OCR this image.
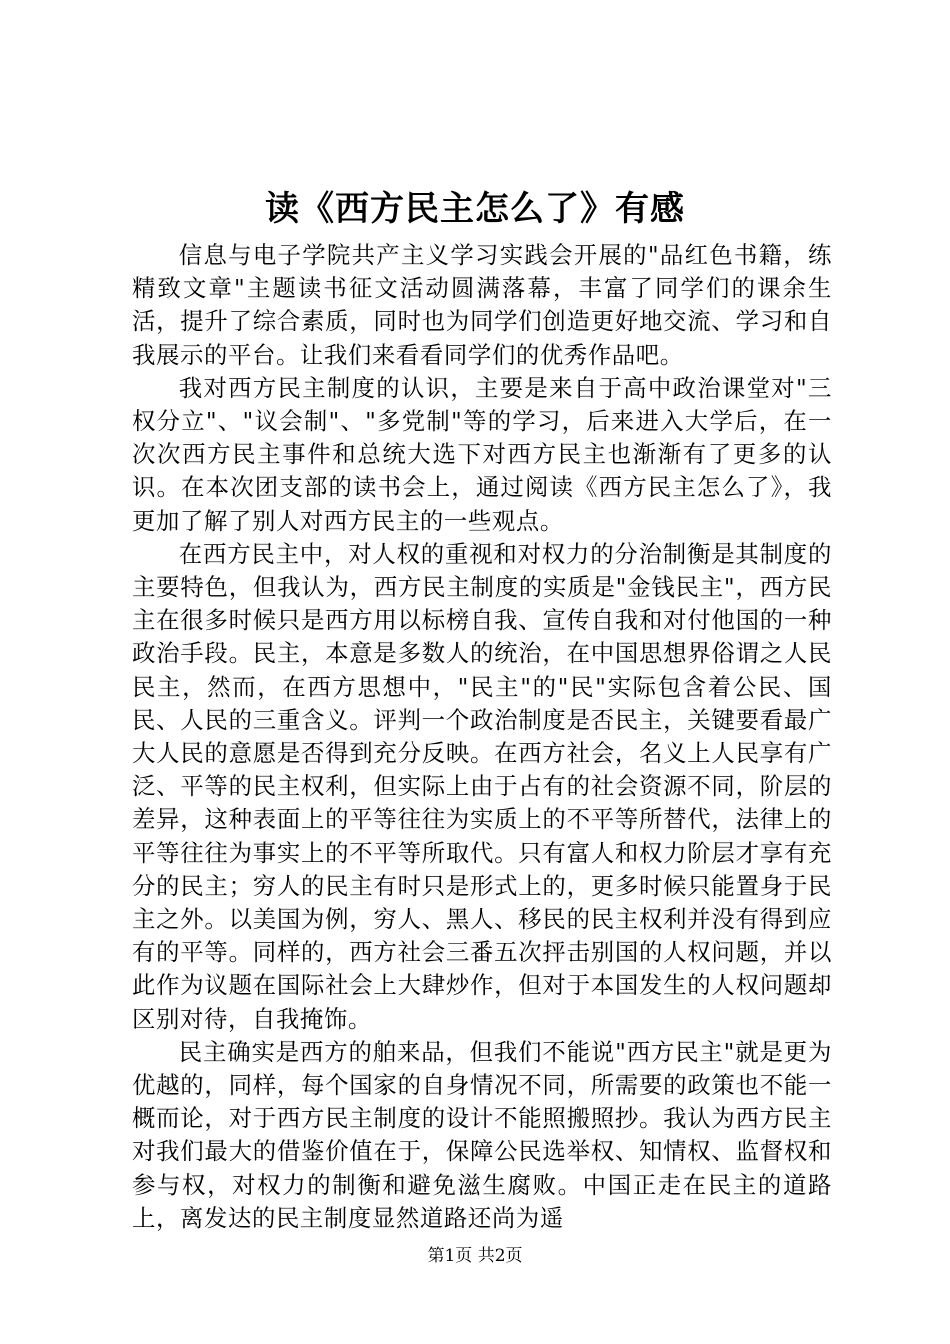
读《西方民主怎么了》有感

信息与电子学院共产主义学习实践会开展的"品红色书籍，练精致文章"主题读书征文活动圆满落幕，丰富了同学们的课余生活，提升了综合素质，同时也为同学们创造更好地交流、学习和自我展示的平台。让我们来看看同学们的优秀作品吧。

我对西方民主制度的认识，主要是来自于高中政治课堂对"三权分立"、"议会制"、"多党制"等的学习，后来进入大学后，在一次次西方民主事件和总统大选下对西方民主也渐渐有了更多的认识。在本次团支部的读书会上，通过阅读《西方民主怎么了》，我更加了解了别人对西方民主的一些观点。

在西方民主中，对人权的重视和对权力的分治制衡是其制度的主要特色，但我认为，西方民主制度的实质是"金钱民主"，西方民主在很多时候只是西方用以标榜自我、宣传自我和对付他国的一种政治手段。民主，本意是多数人的统治，在中国思想界俗谓之人民民主，然而，在西方思想中，"民主"的"民"实际包含着公民、国民、人民的三重含义。评判一个政治制度是否民主，关键要看最广大人民的意愿是否得到充分反映。在西方社会，名义上人民享有广泛、平等的民主权利，但实际上由于占有的社会资源不同，阶层的差异，这种表面上的平等往往为实质上的不平等所替代，法律上的平等往往为事实上的不平等所取代。只有富人和权力阶层才享有充分的民主；穷人的民主有时只是形式上的，更多时候只能置身于民主之外。以美国为例，穷人、黑人、移民的民主权利并没有得到应有的平等。同样的，西方社会三番五次抨击别国的人权问题，并以此作为议题在国际社会上大肆炒作，但对于本国发生的人权问题却区别对待，自我掩饰。

民主确实是西方的舶来品，但我们不能说"西方民主"就是更为优越的，同样，每个国家的自身情况不同，所需要的政策也不能一概而论，对于西方民主制度的设计不能照搬照抄。我认为西方民主对我们最大的借鉴价值在于，保障公民选举权、知情权、监督权和参与权，对权力的制衡和避免滋生腐败。中国正走在民主的道路上，离发达的民主制度显然道路还尚为遥

第1页 共2页
